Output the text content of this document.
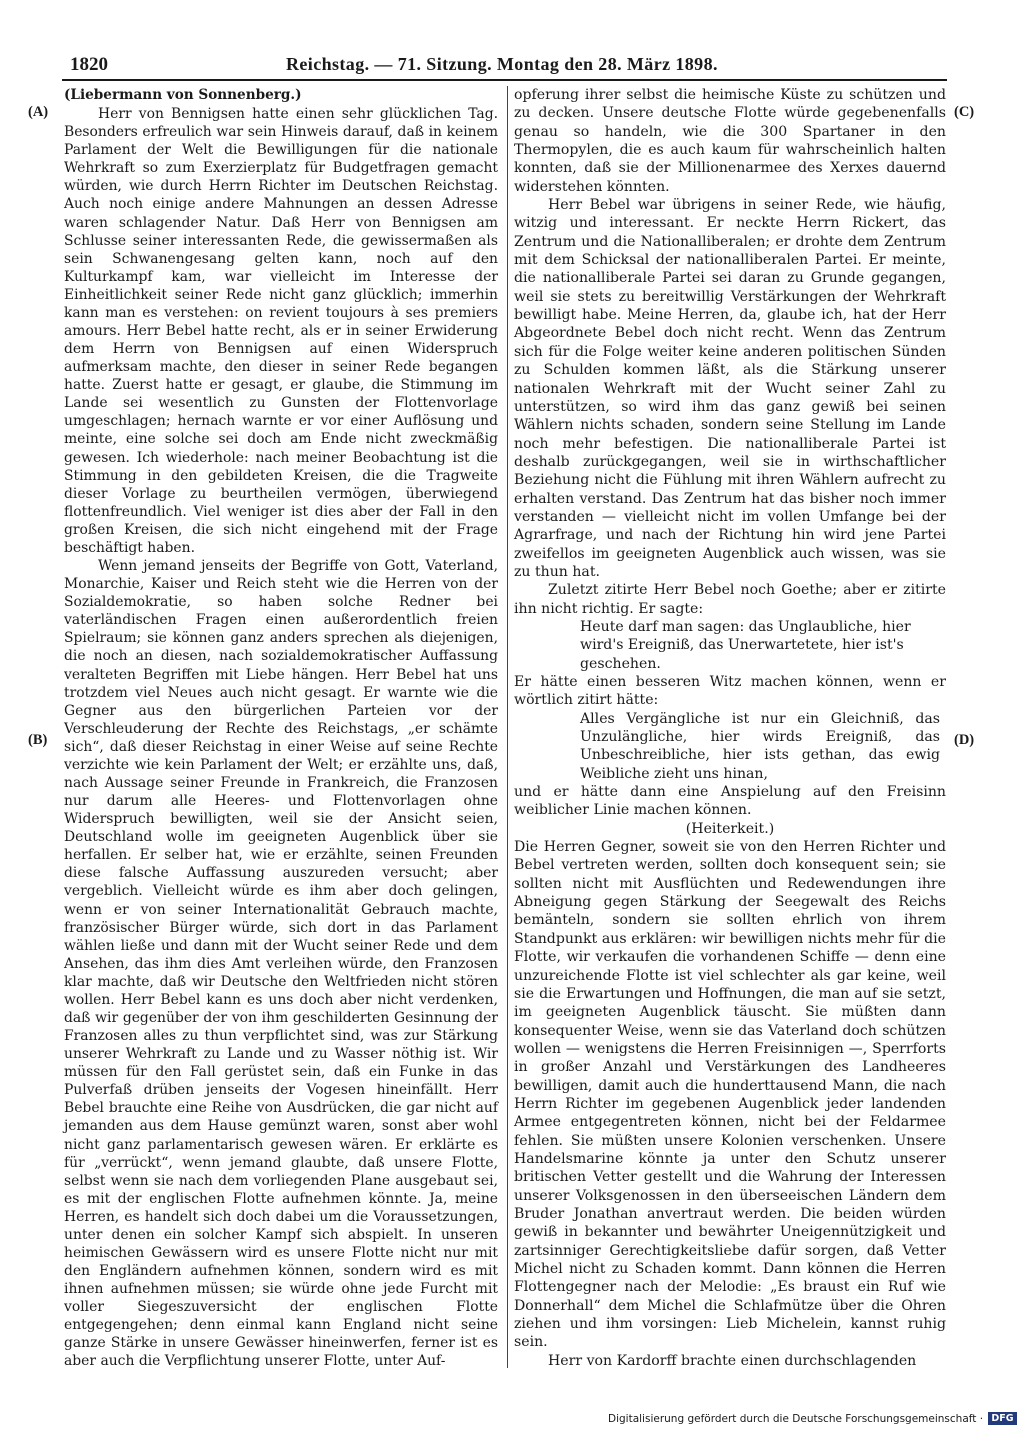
1820	Reichstag. — 71. Sitzung. Montag den 28. März 1898.
(A)
(B)
(C)
(D)

(Liebermann von Sonnenberg.)

Herr von Bennigsen hatte einen sehr glücklichen Tag. Besonders erfreulich war sein Hinweis darauf, daß in keinem Parlament der Welt die Bewilligungen für die nationale Wehrkraft so zum Exerzierplatz für Budgetfragen gemacht würden, wie durch Herrn Richter im Deutschen Reichstag. Auch noch einige andere Mahnungen an dessen Adresse waren schlagender Natur. Daß Herr von Bennigsen am Schlusse seiner interessanten Rede, die gewissermaßen als sein Schwanengesang gelten kann, noch auf den Kulturkampf kam, war vielleicht im Interesse der Einheitlichkeit seiner Rede nicht ganz glücklich; immerhin kann man es verstehen: on revient toujours à ses premiers amours. Herr Bebel hatte recht, als er in seiner Erwiderung dem Herrn von Bennigsen auf einen Widerspruch aufmerksam machte, den dieser in seiner Rede begangen hatte. Zuerst hatte er gesagt, er glaube, die Stimmung im Lande sei wesentlich zu Gunsten der Flottenvorlage umgeschlagen; hernach warnte er vor einer Auflösung und meinte, eine solche sei doch am Ende nicht zweckmäßig gewesen. Ich wiederhole: nach meiner Beobachtung ist die Stimmung in den gebildeten Kreisen, die die Tragweite dieser Vorlage zu beurtheilen vermögen, überwiegend flottenfreundlich. Viel weniger ist dies aber der Fall in den großen Kreisen, die sich nicht eingehend mit der Frage beschäftigt haben.

Wenn jemand jenseits der Begriffe von Gott, Vaterland, Monarchie, Kaiser und Reich steht wie die Herren von der Sozialdemokratie, so haben solche Redner bei vaterländischen Fragen einen außerordentlich freien Spielraum; sie können ganz anders sprechen als diejenigen, die noch an diesen, nach sozialdemokratischer Auffassung veralteten Begriffen mit Liebe hängen. Herr Bebel hat uns trotzdem viel Neues auch nicht gesagt. Er warnte wie die Gegner aus den bürgerlichen Parteien vor der Verschleuderung der Rechte des Reichstags, „er schämte sich“, daß dieser Reichstag in einer Weise auf seine Rechte verzichte wie kein Parlament der Welt; er erzählte uns, daß, nach Aussage seiner Freunde in Frankreich, die Franzosen nur darum alle Heeres- und Flottenvorlagen ohne Widerspruch bewilligten, weil sie der Ansicht seien, Deutschland wolle im geeigneten Augenblick über sie herfallen. Er selber hat, wie er erzählte, seinen Freunden diese falsche Auffassung auszureden versucht; aber vergeblich. Vielleicht würde es ihm aber doch gelingen, wenn er von seiner Internationalität Gebrauch machte, französischer Bürger würde, sich dort in das Parlament wählen ließe und dann mit der Wucht seiner Rede und dem Ansehen, das ihm dies Amt verleihen würde, den Franzosen klar machte, daß wir Deutsche den Weltfrieden nicht stören wollen. Herr Bebel kann es uns doch aber nicht verdenken, daß wir gegenüber der von ihm geschilderten Gesinnung der Franzosen alles zu thun verpflichtet sind, was zur Stärkung unserer Wehrkraft zu Lande und zu Wasser nöthig ist. Wir müssen für den Fall gerüstet sein, daß ein Funke in das Pulverfaß drüben jenseits der Vogesen hineinfällt. Herr Bebel brauchte eine Reihe von Ausdrücken, die gar nicht auf jemanden aus dem Hause gemünzt waren, sonst aber wohl nicht ganz parlamentarisch gewesen wären. Er erklärte es für „verrückt“, wenn jemand glaubte, daß unsere Flotte, selbst wenn sie nach dem vorliegenden Plane ausgebaut sei, es mit der englischen Flotte aufnehmen könnte. Ja, meine Herren, es handelt sich doch dabei um die Voraussetzungen, unter denen ein solcher Kampf sich abspielt. In unseren heimischen Gewässern wird es unsere Flotte nicht nur mit den Engländern aufnehmen können, sondern wird es mit ihnen aufnehmen müssen; sie würde ohne jede Furcht mit voller Siegeszuversicht der englischen Flotte entgegengehen; denn einmal kann England nicht seine ganze Stärke in unsere Gewässer hineinwerfen, ferner ist es aber auch die Verpflichtung unserer Flotte, unter Auf-

opferung ihrer selbst die heimische Küste zu schützen und zu decken. Unsere deutsche Flotte würde gegebenenfalls genau so handeln, wie die 300 Spartaner in den Thermopylen, die es auch kaum für wahrscheinlich halten konnten, daß sie der Millionenarmee des Xerxes dauernd widerstehen könnten.

Herr Bebel war übrigens in seiner Rede, wie häufig, witzig und interessant. Er neckte Herrn Rickert, das Zentrum und die Nationalliberalen; er drohte dem Zentrum mit dem Schicksal der nationalliberalen Partei. Er meinte, die nationalliberale Partei sei daran zu Grunde gegangen, weil sie stets zu bereitwillig Verstärkungen der Wehrkraft bewilligt habe. Meine Herren, da, glaube ich, hat der Herr Abgeordnete Bebel doch nicht recht. Wenn das Zentrum sich für die Folge weiter keine anderen politischen Sünden zu Schulden kommen läßt, als die Stärkung unserer nationalen Wehrkraft mit der Wucht seiner Zahl zu unterstützen, so wird ihm das ganz gewiß bei seinen Wählern nichts schaden, sondern seine Stellung im Lande noch mehr befestigen. Die nationalliberale Partei ist deshalb zurückgegangen, weil sie in wirthschaftlicher Beziehung nicht die Fühlung mit ihren Wählern aufrecht zu erhalten verstand. Das Zentrum hat das bisher noch immer verstanden — vielleicht nicht im vollen Umfange bei der Agrarfrage, und nach der Richtung hin wird jene Partei zweifellos im geeigneten Augenblick auch wissen, was sie zu thun hat.

Zuletzt zitirte Herr Bebel noch Goethe; aber er zitirte ihn nicht richtig. Er sagte:

Heute darf man sagen: das Unglaubliche, hier wird's Ereigniß, das Unerwartetete, hier ist's geschehen.

Er hätte einen besseren Witz machen können, wenn er wörtlich zitirt hätte:

Alles Vergängliche ist nur ein Gleichniß, das Unzulängliche, hier wirds Ereigniß, das Unbeschreibliche, hier ists gethan, das ewig Weibliche zieht uns hinan,

und er hätte dann eine Anspielung auf den Freisinn weiblicher Linie machen können.

(Heiterkeit.)

Die Herren Gegner, soweit sie von den Herren Richter und Bebel vertreten werden, sollten doch konsequent sein; sie sollten nicht mit Ausflüchten und Redewendungen ihre Abneigung gegen Stärkung der Seegewalt des Reichs bemänteln, sondern sie sollten ehrlich von ihrem Standpunkt aus erklären: wir bewilligen nichts mehr für die Flotte, wir verkaufen die vorhandenen Schiffe — denn eine unzureichende Flotte ist viel schlechter als gar keine, weil sie die Erwartungen und Hoffnungen, die man auf sie setzt, im geeigneten Augenblick täuscht. Sie müßten dann konsequenter Weise, wenn sie das Vaterland doch schützen wollen — wenigstens die Herren Freisinnigen —, Sperrforts in großer Anzahl und Verstärkungen des Landheeres bewilligen, damit auch die hunderttausend Mann, die nach Herrn Richter im gegebenen Augenblick jeder landenden Armee entgegentreten können, nicht bei der Feldarmee fehlen. Sie müßten unsere Kolonien verschenken. Unsere Handelsmarine könnte ja unter den Schutz unserer britischen Vetter gestellt und die Wahrung der Interessen unserer Volksgenossen in den überseeischen Ländern dem Bruder Jonathan anvertraut werden. Die beiden würden gewiß in bekannter und bewährter Uneigennützigkeit und zartsinniger Gerechtigkeitsliebe dafür sorgen, daß Vetter Michel nicht zu Schaden kommt. Dann können die Herren Flottengegner nach der Melodie: „Es braust ein Ruf wie Donnerhall“ dem Michel die Schlafmütze über die Ohren ziehen und ihm vorsingen: Lieb Michelein, kannst ruhig sein.

Herr von Kardorff brachte einen durchschlagenden

Digitalisierung gefördert durch die Deutsche Forschungsgemeinschaft · DFG
